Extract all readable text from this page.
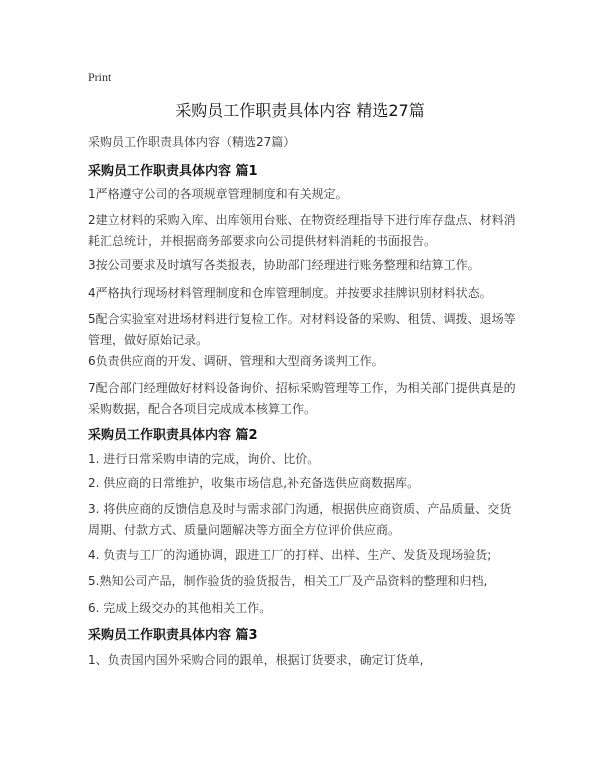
Print
采购员工作职责具体内容 精选27篇
采购员工作职责具体内容（精选27篇）
采购员工作职责具体内容 篇1
1严格遵守公司的各项规章管理制度和有关规定。
2建立材料的采购入库、出库领用台账、在物资经理指导下进行库存盘点、材料消耗汇总统计，并根据商务部要求向公司提供材料消耗的书面报告。
3按公司要求及时填写各类报表，协助部门经理进行账务整理和结算工作。
4严格执行现场材料管理制度和仓库管理制度。并按要求挂牌识别材料状态。
5配合实验室对进场材料进行复检工作。对材料设备的采购、租赁、调拨、退场等管理，做好原始记录。
6负责供应商的开发、调研、管理和大型商务谈判工作。
7配合部门经理做好材料设备询价、招标采购管理等工作，为相关部门提供真是的采购数据，配合各项目完成成本核算工作。
采购员工作职责具体内容 篇2
1. 进行日常采购申请的完成，询价、比价。
2. 供应商的日常维护，收集市场信息,补充备选供应商数据库。
3. 将供应商的反馈信息及时与需求部门沟通，根据供应商资质、产品质量、交货周期、付款方式、质量问题解决等方面全方位评价供应商。
4. 负责与工厂的沟通协调，跟进工厂的打样、出样、生产、发货及现场验货;
5.熟知公司产品，制作验货的验货报告，相关工厂及产品资料的整理和归档,
6. 完成上级交办的其他相关工作。
采购员工作职责具体内容 篇3
1、负责国内国外采购合同的跟单，根据订货要求，确定订货单,
